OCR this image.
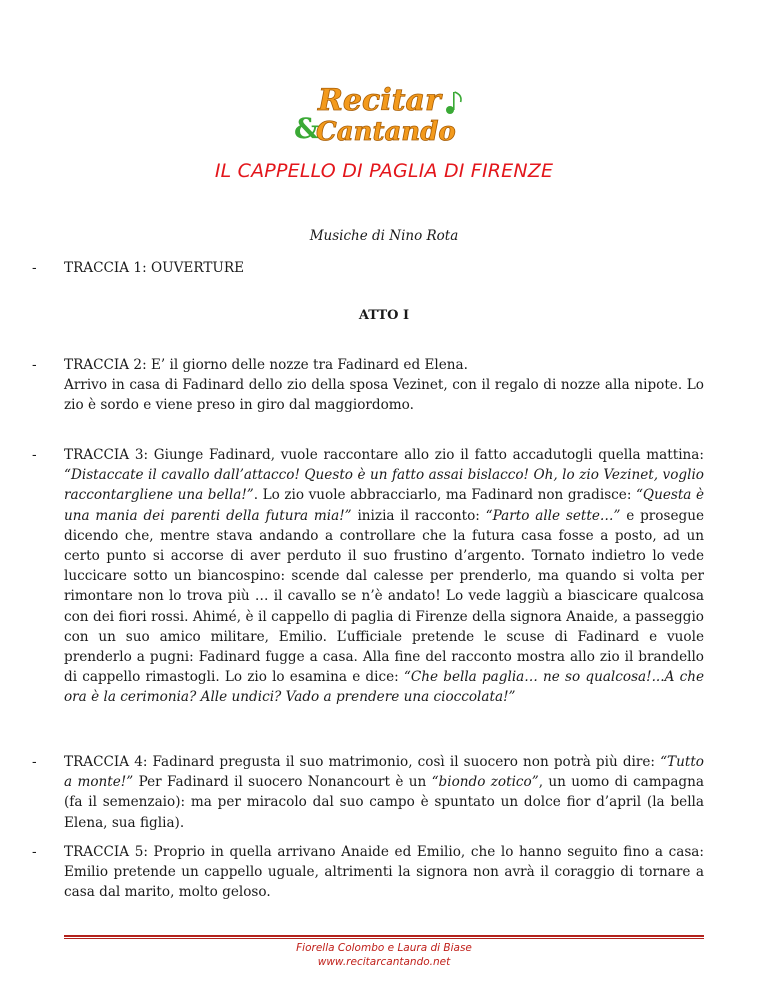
Recitar
&
Cantando
IL CAPPELLO DI PAGLIA DI FIRENZE
Musiche di Nino Rota
- TRACCIA 1: OUVERTURE

ATTO I
- TRACCIA 2: E’ il giorno delle nozze tra Fadinard ed Elena.

Arrivo in casa di Fadinard dello zio della sposa Vezinet, con il regalo di nozze alla nipote. Lo zio è sordo e viene preso in giro dal maggiordomo.

- TRACCIA 3: Giunge Fadinard, vuole raccontare allo zio il fatto accadutogli quella mattina: “Distaccate il cavallo dall’attacco! Questo è un fatto assai bislacco! Oh, lo zio Vezinet, voglio raccontargliene una bella!”. Lo zio vuole abbracciarlo, ma Fadinard non gradisce: “Questa è una mania dei parenti della futura mia!” inizia il racconto: “Parto alle sette…” e prosegue dicendo che, mentre stava andando a controllare che la futura casa fosse a posto, ad un certo punto si accorse di aver perduto il suo frustino d’argento. Tornato indietro lo vede luccicare sotto un biancospino: scende dal calesse per prenderlo, ma quando si volta per rimontare non lo trova più … il cavallo se n’è andato! Lo vede laggiù a biascicare qualcosa con dei fiori rossi. Ahimé, è il cappello di paglia di Firenze della signora Anaide, a passeggio con un suo amico militare, Emilio. L’ufficiale pretende le scuse di Fadinard e vuole prenderlo a pugni: Fadinard fugge a casa. Alla fine del racconto mostra allo zio il brandello di cappello rimastogli. Lo zio lo esamina e dice: “Che bella paglia… ne so qualcosa!...A che ora è la cerimonia? Alle undici? Vado a prendere una cioccolata!”

- TRACCIA 4: Fadinard pregusta il suo matrimonio, così il suocero non potrà più dire: “Tutto a monte!” Per Fadinard il suocero Nonancourt è un “biondo zotico”, un uomo di campagna (fa il semenzaio): ma per miracolo dal suo campo è spuntato un dolce fior d’april (la bella Elena, sua figlia).

- TRACCIA 5: Proprio in quella arrivano Anaide ed Emilio, che lo hanno seguito fino a casa: Emilio pretende un cappello uguale, altrimenti la signora non avrà il coraggio di tornare a casa dal marito, molto geloso.

Fiorella Colombo e Laura di Biase
www.recitarcantando.net
